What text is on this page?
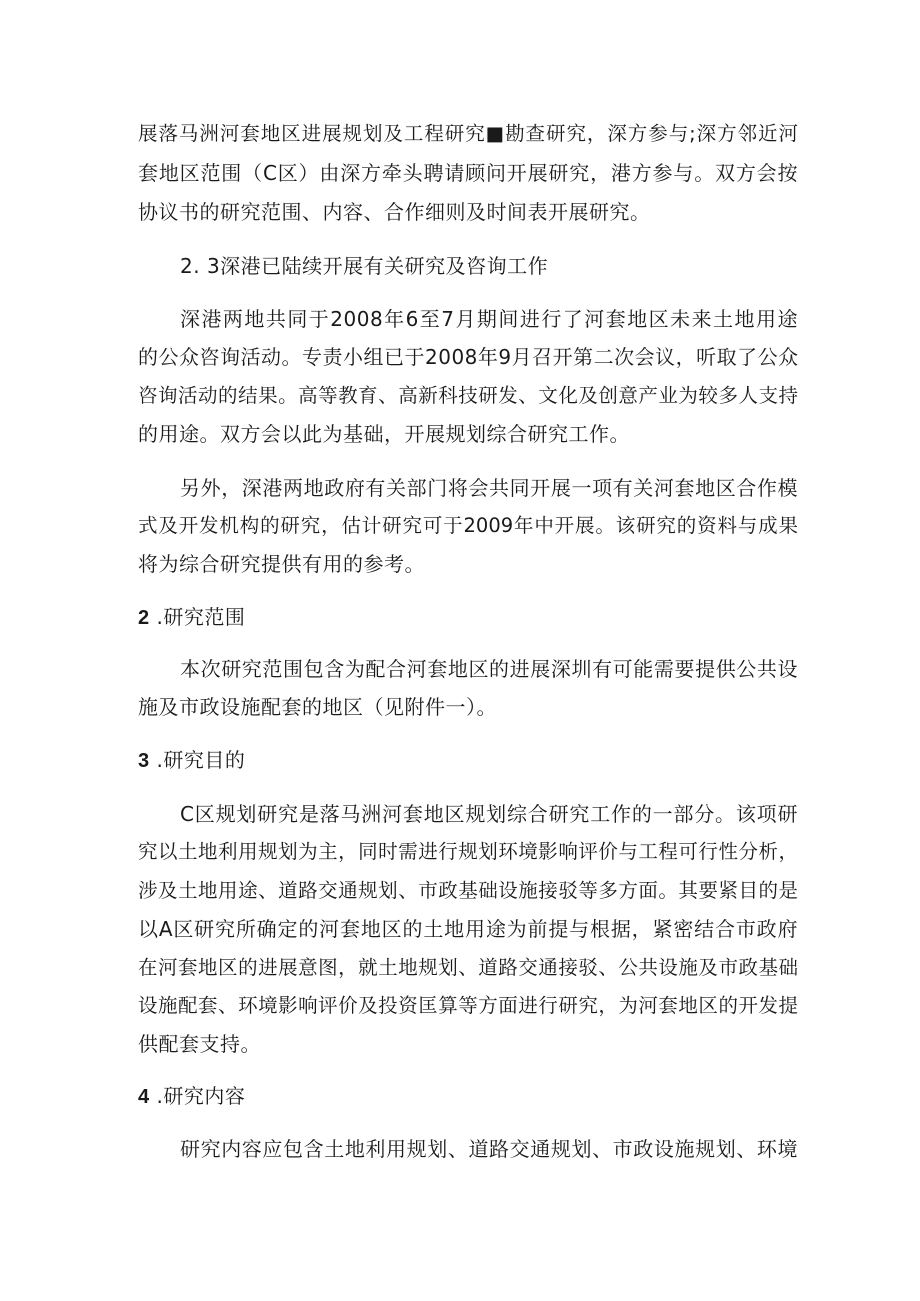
展落马洲河套地区进展规划及工程研究■勘查研究，深方参与;深方邻近河
套地区范围（C区）由深方牵头聘请顾问开展研究，港方参与。双方会按
协议书的研究范围、内容、合作细则及时间表开展研究。
2. 3深港已陆续开展有关研究及咨询工作
深港两地共同于2008年6至7月期间进行了河套地区未来土地用途
的公众咨询活动。专责小组已于2008年9月召开第二次会议，听取了公众
咨询活动的结果。高等教育、高新科技研发、文化及创意产业为较多人支持
的用途。双方会以此为基础，开展规划综合研究工作。
另外，深港两地政府有关部门将会共同开展一项有关河套地区合作模
式及开发机构的研究，估计研究可于2009年中开展。该研究的资料与成果
将为综合研究提供有用的参考。
2 .研究范围
本次研究范围包含为配合河套地区的进展深圳有可能需要提供公共设
施及市政设施配套的地区（见附件一）。
3 .研究目的
C区规划研究是落马洲河套地区规划综合研究工作的一部分。该项研
究以土地利用规划为主，同时需进行规划环境影响评价与工程可行性分析，
涉及土地用途、道路交通规划、市政基础设施接驳等多方面。其要紧目的是
以A区研究所确定的河套地区的土地用途为前提与根据，紧密结合市政府
在河套地区的进展意图，就土地规划、道路交通接驳、公共设施及市政基础
设施配套、环境影响评价及投资匡算等方面进行研究，为河套地区的开发提
供配套支持。
4 .研究内容
研究内容应包含土地利用规划、道路交通规划、市政设施规划、环境
